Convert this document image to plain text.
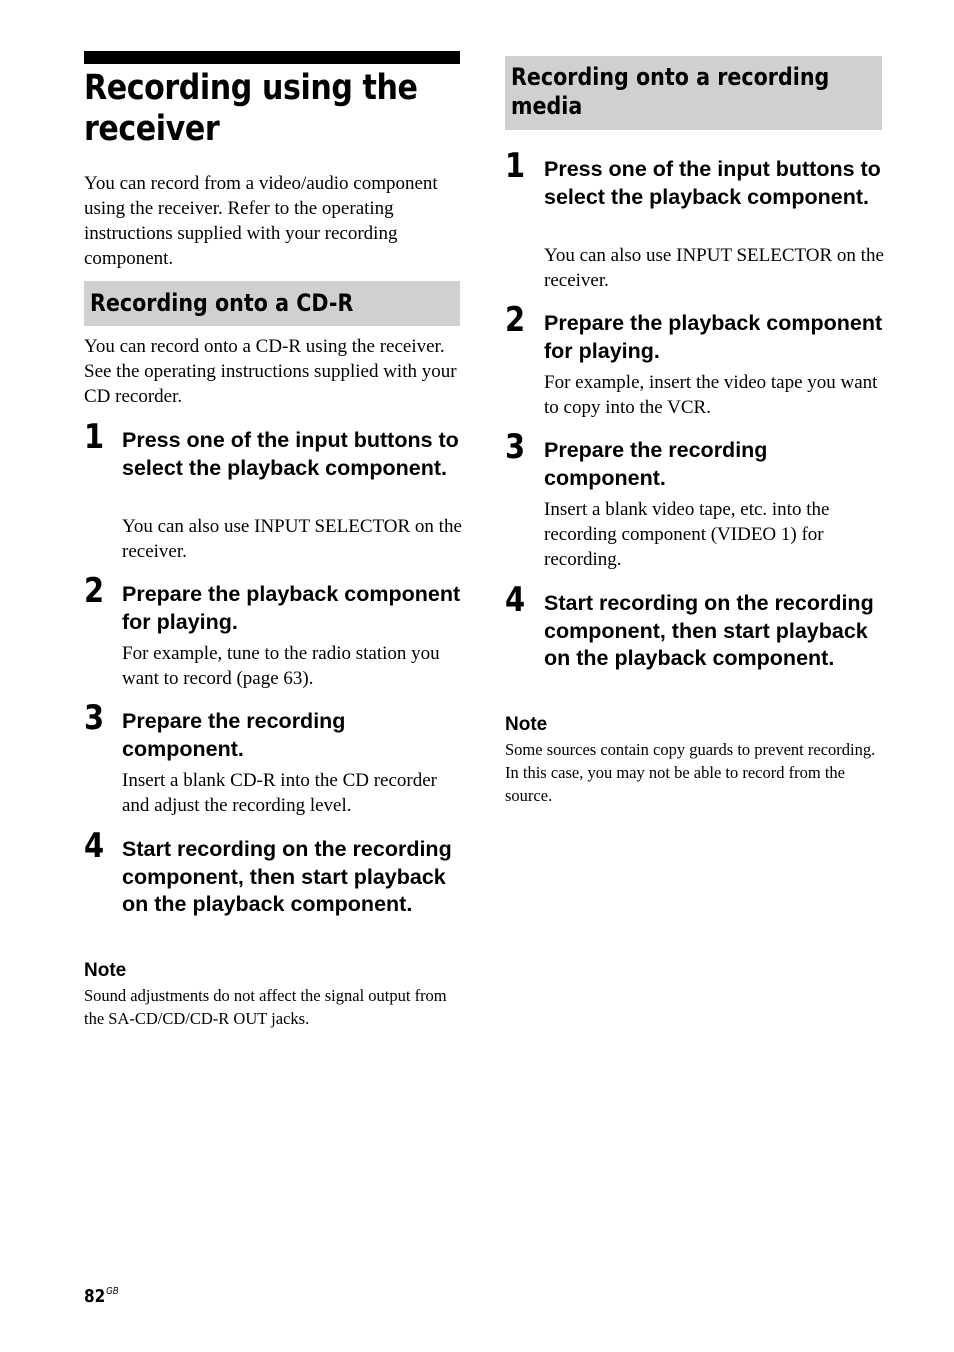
Recording using the
receiver

You can record from a video/audio component using the receiver. Refer to the operating instructions supplied with your recording component.

Recording onto a CD-R

You can record onto a CD-R using the receiver. See the operating instructions supplied with your CD recorder.

1 Press one of the input buttons to select the playback component.

You can also use INPUT SELECTOR on the receiver.

2 Prepare the playback component for playing.

For example, tune to the radio station you want to record (page 63).

3 Prepare the recording component.

Insert a blank CD-R into the CD recorder and adjust the recording level.

4 Start recording on the recording component, then start playback on the playback component.

Note

Sound adjustments do not affect the signal output from the SA-CD/CD/CD-R OUT jacks.

Recording onto a recording
media
1 Press one of the input buttons to select the playback component.

You can also use INPUT SELECTOR on the receiver.

2 Prepare the playback component for playing.

For example, insert the video tape you want to copy into the VCR.

3 Prepare the recording component.

Insert a blank video tape, etc. into the recording component (VIDEO 1) for recording.

4 Start recording on the recording component, then start playback on the playback component.

Note

Some sources contain copy guards to prevent recording. In this case, you may not be able to record from the source.

$82^{GB}$
